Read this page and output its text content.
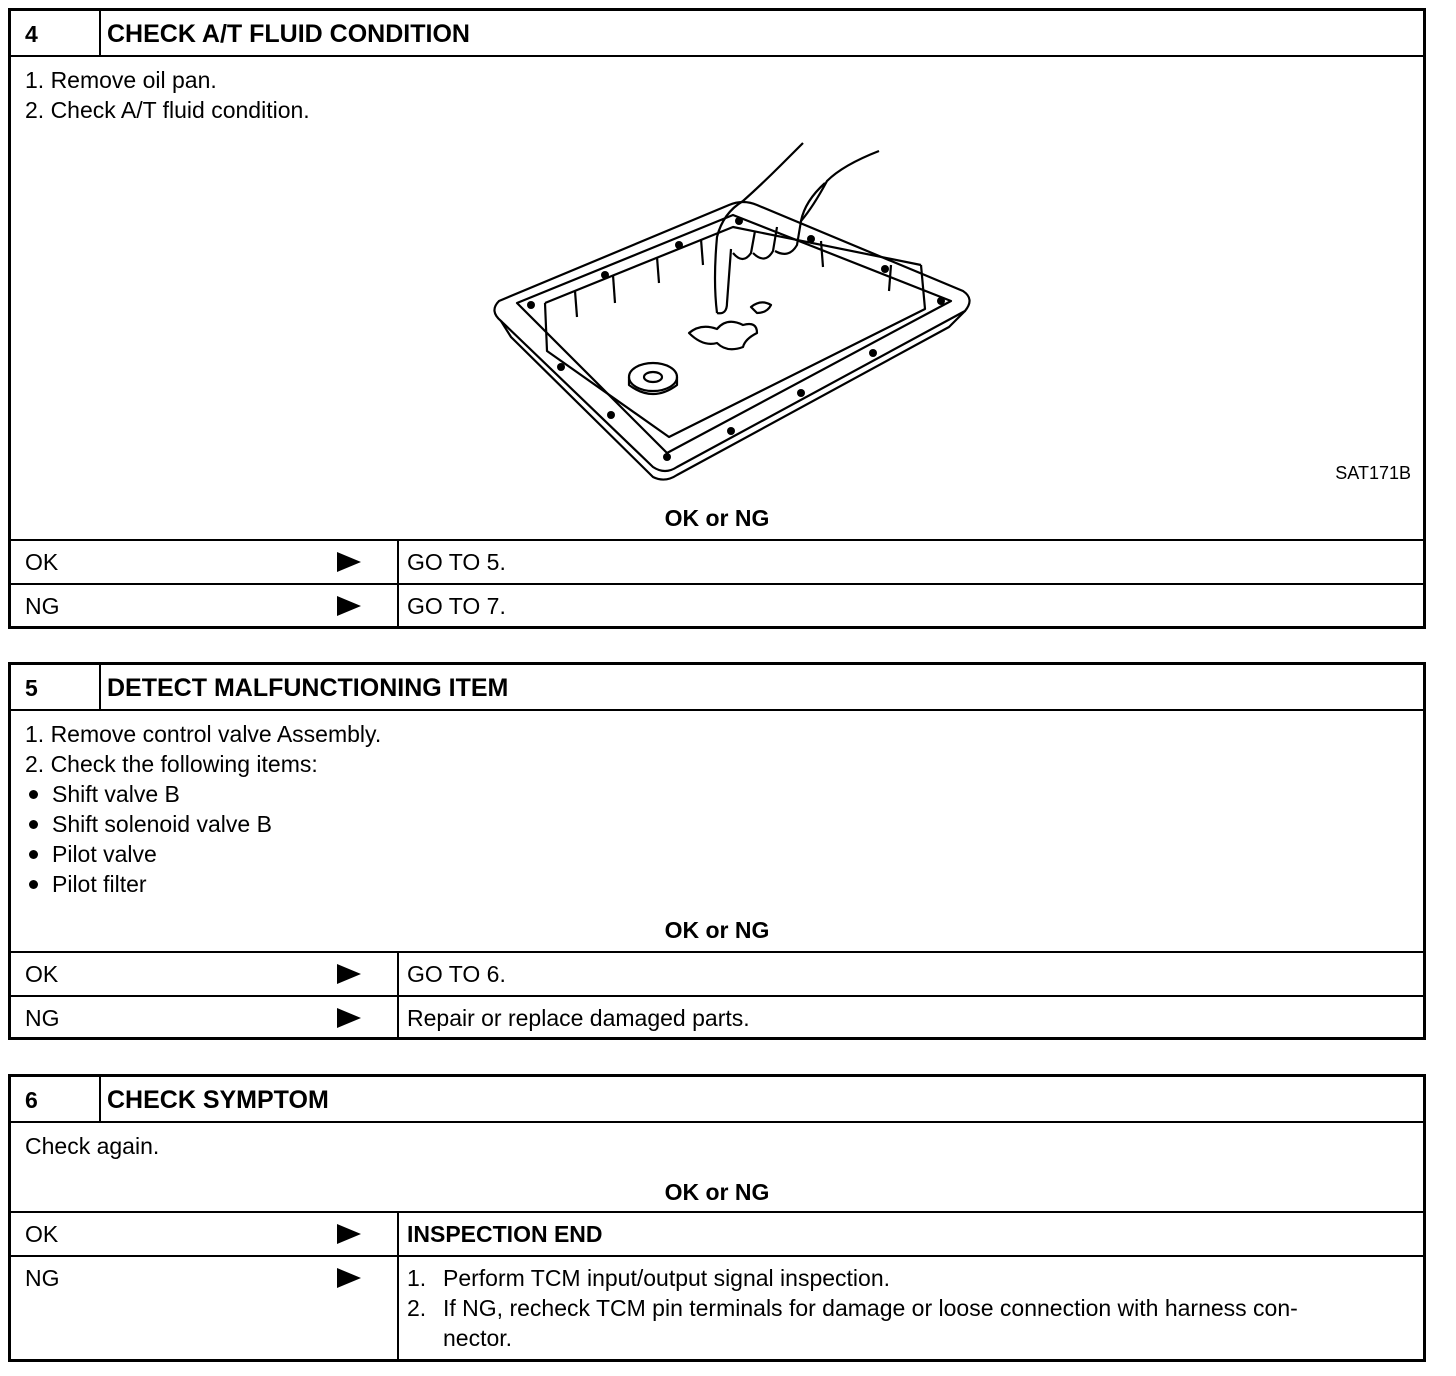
4	CHECK A/T FLUID CONDITION
1. Remove oil pan.
2. Check A/T fluid condition.
SAT171B
OK or NG
OK	GO TO 5.
NG	GO TO 7.
5	DETECT MALFUNCTIONING ITEM
1. Remove control valve Assembly.
2. Check the following items:
Shift valve B
Shift solenoid valve B
Pilot valve
Pilot filter
OK or NG
OK	GO TO 6.
NG	Repair or replace damaged parts.
6	CHECK SYMPTOM
Check again.
OK or NG
OK	INSPECTION END
NG	1. Perform TCM input/output signal inspection.
2. If NG, recheck TCM pin terminals for damage or loose connection with harness con-
nector.
